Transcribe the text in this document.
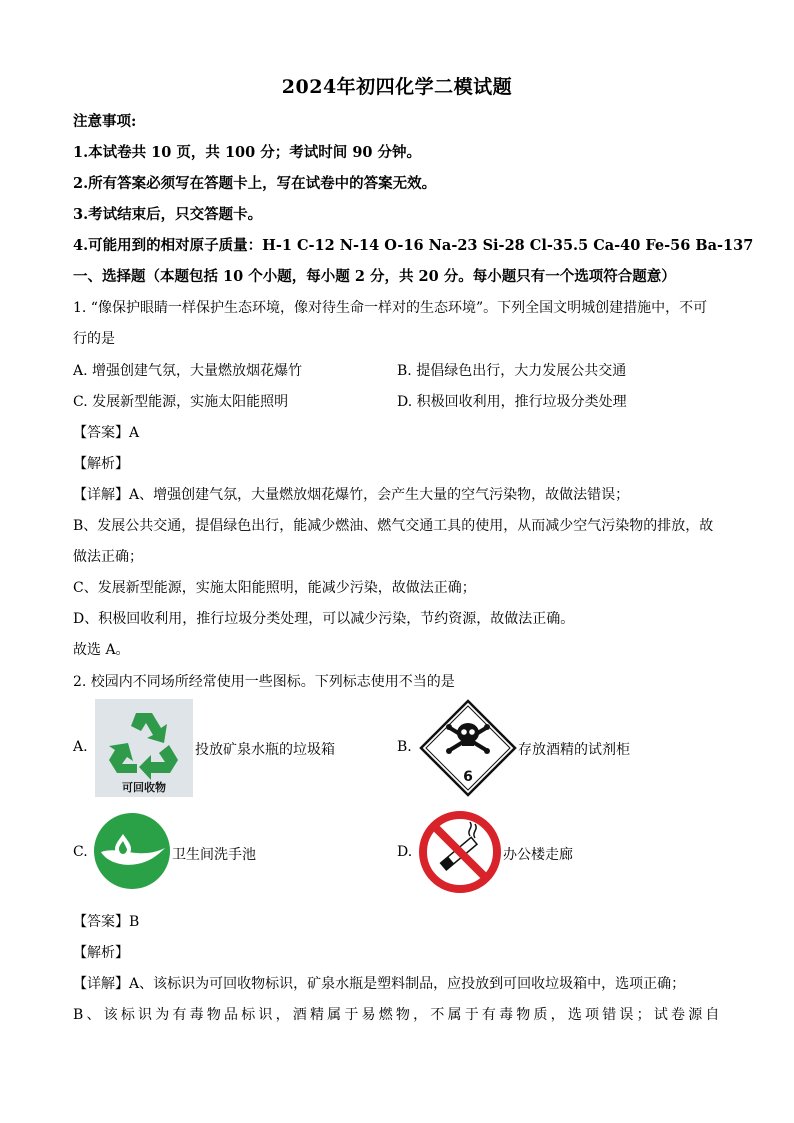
2024年初四化学二模试题
注意事项:
1.本试卷共 10 页，共 100 分；考试时间 90 分钟。
2.所有答案必须写在答题卡上，写在试卷中的答案无效。
3.考试结束后，只交答题卡。
4.可能用到的相对原子质量：H-1 C-12 N-14 O-16 Na-23 Si-28 Cl-35.5 Ca-40 Fe-56 Ba-137
一、选择题（本题包括 10 个小题，每小题 2 分，共 20 分。每小题只有一个选项符合题意）
1. “像保护眼睛一样保护生态环境，像对待生命一样对的生态环境”。下列全国文明城创建措施中，不可
行的是
A. 增强创建气氛，大量燃放烟花爆竹	B. 提倡绿色出行，大力发展公共交通
C. 发展新型能源，实施太阳能照明	D. 积极回收利用，推行垃圾分类处理
【答案】A
【解析】
【详解】A、增强创建气氛，大量燃放烟花爆竹，会产生大量的空气污染物，故做法错误；
B、发展公共交通，提倡绿色出行，能减少燃油、燃气交通工具的使用，从而减少空气污染物的排放，故
做法正确；
C、发展新型能源，实施太阳能照明，能减少污染，故做法正确；
D、积极回收利用，推行垃圾分类处理，可以减少污染，节约资源，故做法正确。
故选 A。
2. 校园内不同场所经常使用一些图标。下列标志使用不当的是
A.
可回收物
投放矿泉水瓶的垃圾箱	B.
6
存放酒精的试剂柜
C.	卫生间洗手池	D.	办公楼走廊
【答案】B
【解析】
【详解】A、该标识为可回收物标识，矿泉水瓶是塑料制品，应投放到可回收垃圾箱中，选项正确；
B、该标识为有毒物品标识，酒精属于易燃物，不属于有毒物质，选项错误；试卷源自
